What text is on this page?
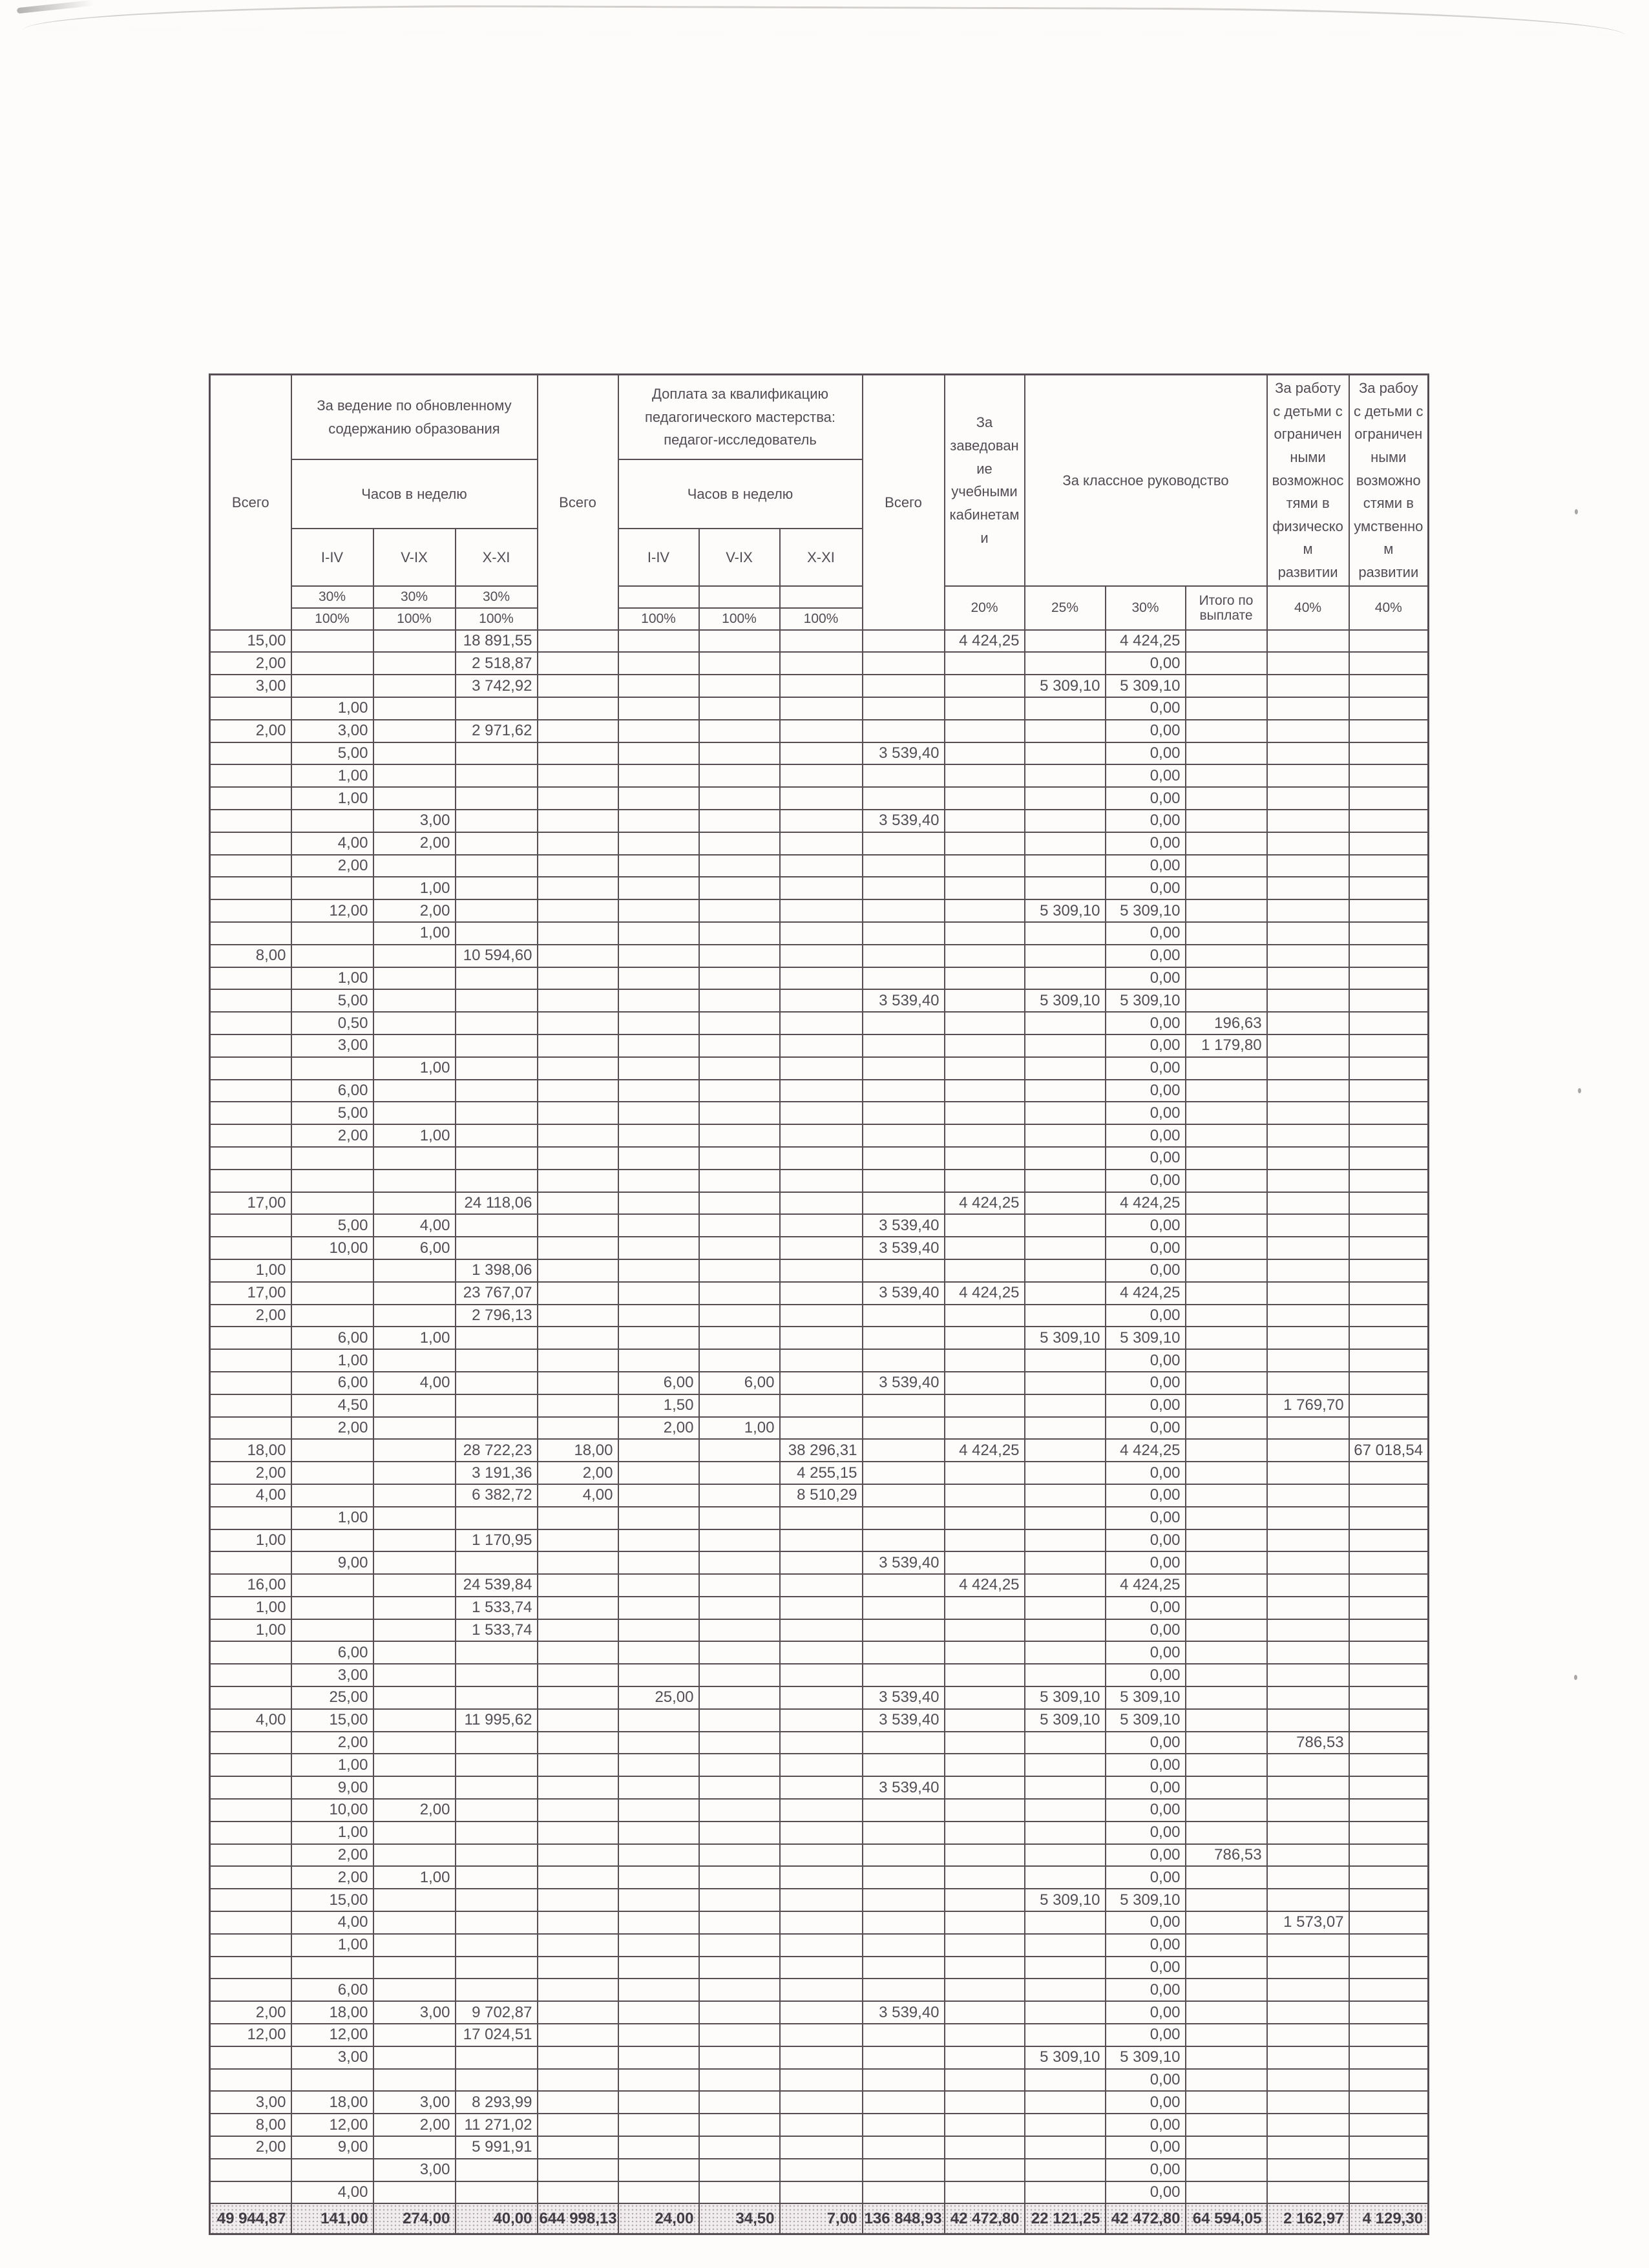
Всего	За ведение по обновленному содержанию образования			Всего	Доплата за квалификацию педагогического мастерства: педагог-исследователь			Всего	За заведование учебными кабинетами	За классное руководство			За работу с детьми с ограниченными возможностями в физическом развитии	За рабоу с детьми с ограниченными возможностями в умственном развитии
	Часов в неделю				Часов в неделю									
	I-IV	V-IX	X-XI		I-IV	V-IX	X-XI							
	30%	30%	30%						20%	25%	30%	Итого по выплате	40%	40%
	100%	100%	100%		100%	100%	100%							
15,00			18 891,55						4 424,25		4 424,25			
2,00			2 518,87								0,00			
3,00			3 742,92							5 309,10	5 309,10			
	1,00										0,00			
2,00	3,00		2 971,62								0,00			
	5,00							3 539,40			0,00			
	1,00										0,00			
	1,00										0,00			
		3,00						3 539,40			0,00			
	4,00	2,00									0,00			
	2,00										0,00			
		1,00									0,00			
	12,00	2,00								5 309,10	5 309,10			
		1,00									0,00			
8,00			10 594,60								0,00			
	1,00										0,00			
	5,00							3 539,40		5 309,10	5 309,10			
	0,50										0,00	196,63		
	3,00										0,00	1 179,80		
		1,00									0,00			
	6,00										0,00			
	5,00										0,00			
	2,00	1,00									0,00			
											0,00			
											0,00			
17,00			24 118,06						4 424,25		4 424,25			
	5,00	4,00						3 539,40			0,00			
	10,00	6,00						3 539,40			0,00			
1,00			1 398,06								0,00			
17,00			23 767,07					3 539,40	4 424,25		4 424,25			
2,00			2 796,13								0,00			
	6,00	1,00								5 309,10	5 309,10			
	1,00										0,00			
	6,00	4,00			6,00	6,00		3 539,40			0,00			
	4,50				1,50						0,00		1 769,70	
	2,00				2,00	1,00					0,00			
18,00			28 722,23	18,00			38 296,31		4 424,25		4 424,25			67 018,54
2,00			3 191,36	2,00			4 255,15				0,00			
4,00			6 382,72	4,00			8 510,29				0,00			
	1,00										0,00			
1,00			1 170,95								0,00			
	9,00							3 539,40			0,00			
16,00			24 539,84						4 424,25		4 424,25			
1,00			1 533,74								0,00			
1,00			1 533,74								0,00			
	6,00										0,00			
	3,00										0,00			
	25,00				25,00			3 539,40		5 309,10	5 309,10			
4,00	15,00		11 995,62					3 539,40		5 309,10	5 309,10			
	2,00										0,00		786,53	
	1,00										0,00			
	9,00							3 539,40			0,00			
	10,00	2,00									0,00			
	1,00										0,00			
	2,00										0,00	786,53		
	2,00	1,00									0,00			
	15,00									5 309,10	5 309,10			
	4,00										0,00		1 573,07	
	1,00										0,00			
											0,00			
	6,00										0,00			
2,00	18,00	3,00	9 702,87					3 539,40			0,00			
12,00	12,00		17 024,51								0,00			
	3,00									5 309,10	5 309,10			
											0,00			
3,00	18,00	3,00	8 293,99								0,00			
8,00	12,00	2,00	11 271,02								0,00			
2,00	9,00		5 991,91								0,00			
		3,00									0,00			
	4,00										0,00			
49 944,87	141,00	274,00	40,00	644 998,13	24,00	34,50	7,00	136 848,93	42 472,80	22 121,25	42 472,80	64 594,05	2 162,97	4 129,30
